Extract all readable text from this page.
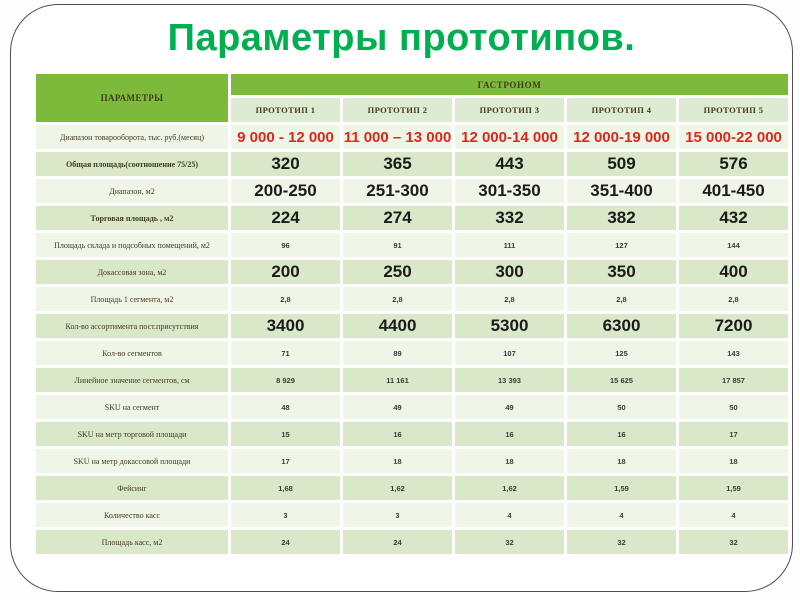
Параметры прототипов.
ПАРАМЕТРЫ	ГАСТРОНОМ				
	ПРОТОТИП 1	ПРОТОТИП 2	ПРОТОТИП 3	ПРОТОТИП 4	ПРОТОТИП 5
Диапазон товарооборота, тыс. руб.(месяц)	9 000 - 12 000	11 000 – 13 000	12 000-14 000	12 000-19 000	15 000-22 000
Общая площадь(соотношение 75/25)	320	365	443	509	576
Диапазон, м2	200-250	251-300	301-350	351-400	401-450
Торговая площадь , м2	224	274	332	382	432
Площадь склада и подсобных помещений, м2	96	91	111	127	144
Докассовая зона, м2	200	250	300	350	400
Площадь 1 сегмента, м2	2,8	2,8	2,8	2,8	2,8
Кол-во ассортимента пост.присутствия	3400	4400	5300	6300	7200
Кол-во сегментов	71	89	107	125	143
Линейное значение сегментов, см	8 929	11 161	13 393	15 625	17 857
SKU на сегмент	48	49	49	50	50
SKU на метр торговой площади	15	16	16	16	17
SKU на метр докассовой площади	17	18	18	18	18
Фейсинг	1,68	1,62	1,62	1,59	1,59
Количество касс	3	3	4	4	4
Площадь касс, м2	24	24	32	32	32
